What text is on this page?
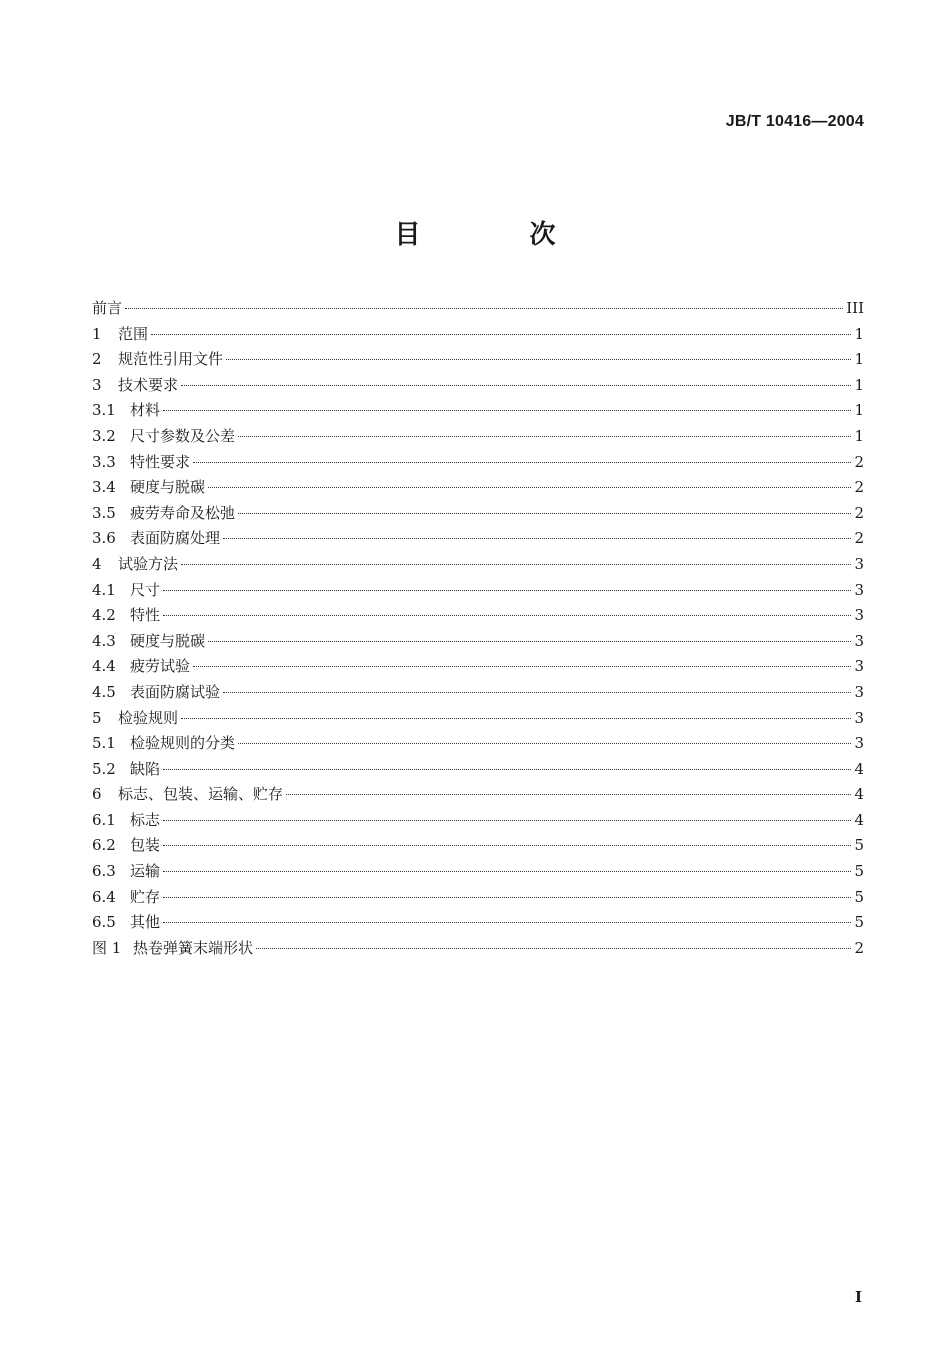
JB/T 10416—2004
目 次
前言	III
1	范围	1
2	规范性引用文件	1
3	技术要求	1
3.1 材料	1
3.2 尺寸参数及公差	1
3.3 特性要求	2
3.4 硬度与脱碳	2
3.5 疲劳寿命及松弛	2
3.6 表面防腐处理	2
4	试验方法	3
4.1 尺寸	3
4.2 特性	3
4.3 硬度与脱碳	3
4.4 疲劳试验	3
4.5 表面防腐试验	3
5	检验规则	3
5.1 检验规则的分类	3
5.2 缺陷	4
6	标志、包装、运输、贮存	4
6.1 标志	4
6.2 包装	5
6.3 运输	5
6.4 贮存	5
6.5 其他	5
图 1 热卷弹簧末端形状	2
I
